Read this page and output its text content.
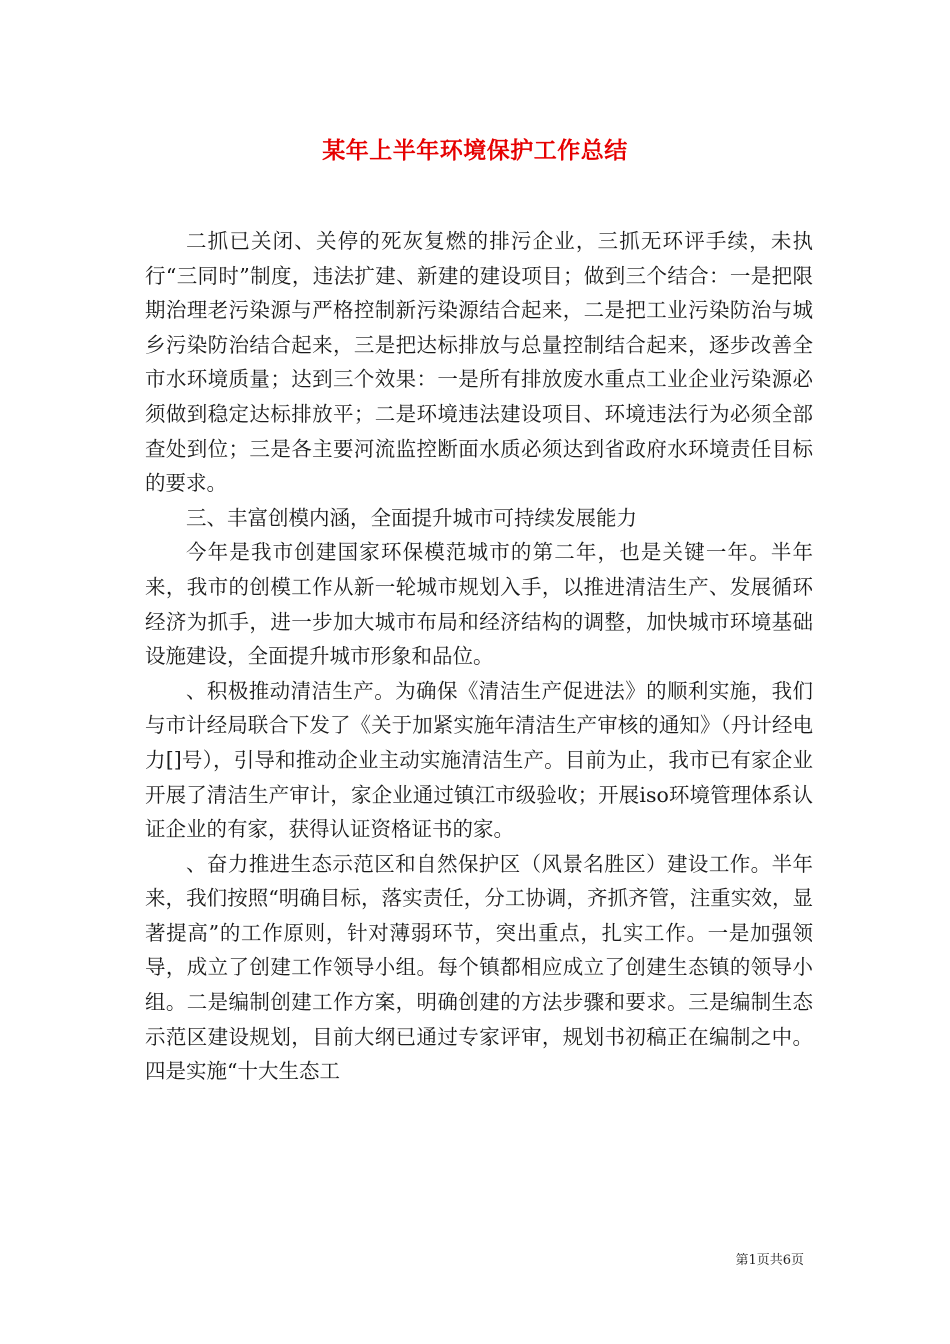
某年上半年环境保护工作总结

二抓已关闭、关停的死灰复燃的排污企业，三抓无环评手续，未执行“三同时”制度，违法扩建、新建的建设项目；做到三个结合：一是把限期治理老污染源与严格控制新污染源结合起来，二是把工业污染防治与城乡污染防治结合起来，三是把达标排放与总量控制结合起来，逐步改善全市水环境质量；达到三个效果：一是所有排放废水重点工业企业污染源必须做到稳定达标排放平；二是环境违法建设项目、环境违法行为必须全部查处到位；三是各主要河流监控断面水质必须达到省政府水环境责任目标的要求。

三、丰富创模内涵，全面提升城市可持续发展能力

今年是我市创建国家环保模范城市的第二年，也是关键一年。半年来，我市的创模工作从新一轮城市规划入手，以推进清洁生产、发展循环经济为抓手，进一步加大城市布局和经济结构的调整，加快城市环境基础设施建设，全面提升城市形象和品位。

、积极推动清洁生产。为确保《清洁生产促进法》的顺利实施，我们与市计经局联合下发了《关于加紧实施年清洁生产审核的通知》（丹计经电力[]号），引导和推动企业主动实施清洁生产。目前为止，我市已有家企业开展了清洁生产审计，家企业通过镇江市级验收；开展iso环境管理体系认证企业的有家，获得认证资格证书的家。

、奋力推进生态示范区和自然保护区（风景名胜区）建设工作。半年来，我们按照“明确目标，落实责任，分工协调，齐抓齐管，注重实效，显著提高”的工作原则，针对薄弱环节，突出重点，扎实工作。一是加强领导，成立了创建工作领导小组。每个镇都相应成立了创建生态镇的领导小组。二是编制创建工作方案，明确创建的方法步骤和要求。三是编制生态示范区建设规划，目前大纲已通过专家评审，规划书初稿正在编制之中。四是实施“十大生态工

第1页共6页
